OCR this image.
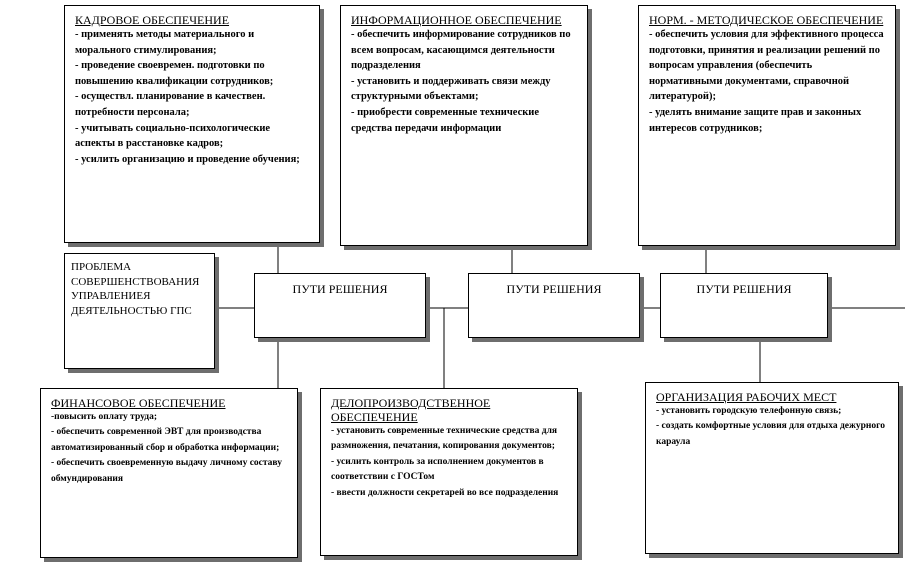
КАДРОВОЕ ОБЕСПЕЧЕНИЕ
- применять методы материального и морального стимулирования;
- проведение своевремен. подготовки по повышению квалификации сотрудников;
- осуществл. планирование в качествен. потребности персонала;
- учитывать социально-психологические аспекты в расстановке кадров;
- усилить организацию и проведение обучения;
ИНФОРМАЦИОННОЕ ОБЕСПЕЧЕНИЕ
- обеспечить информирование сотрудников по всем вопросам, касающимся деятельности подразделения
- установить и поддерживать связи между структурными объектами;
- приобрести современные технические средства передачи информации
НОРМ. - МЕТОДИЧЕСКОЕ ОБЕСПЕЧЕНИЕ
- обеспечить условия для эффективного процесса подготовки, принятия и реализации решений по вопросам управления (обеспечить нормативными документами, справочной литературой);
- уделять внимание защите прав и законных интересов сотрудников;
ПРОБЛЕМА СОВЕРШЕНСТВОВАНИЯ УПРАВЛЕНИЕЯ ДЕЯТЕЛЬНОСТЬЮ ГПС
ПУТИ РЕШЕНИЯ	ПУТИ РЕШЕНИЯ	ПУТИ РЕШЕНИЯ
ФИНАНСОВОЕ ОБЕСПЕЧЕНИЕ
-повысить оплату труда;
- обеспечить современной ЭВТ для производства автоматизированный сбор и обработка информации;
- обеспечить своевременную выдачу личному составу обмундирования
ДЕЛОПРОИЗВОДСТВЕННОЕ ОБЕСПЕЧЕНИЕ
- установить современные технические средства для размножения, печатания, копирования документов;
- усилить контроль за исполнением документов в соответствии с ГОСТом
- ввести должности секретарей во все подразделения
ОРГАНИЗАЦИЯ РАБОЧИХ МЕСТ
- установить городскую телефонную связь;
- создать комфортные условия для отдыха дежурного караула
